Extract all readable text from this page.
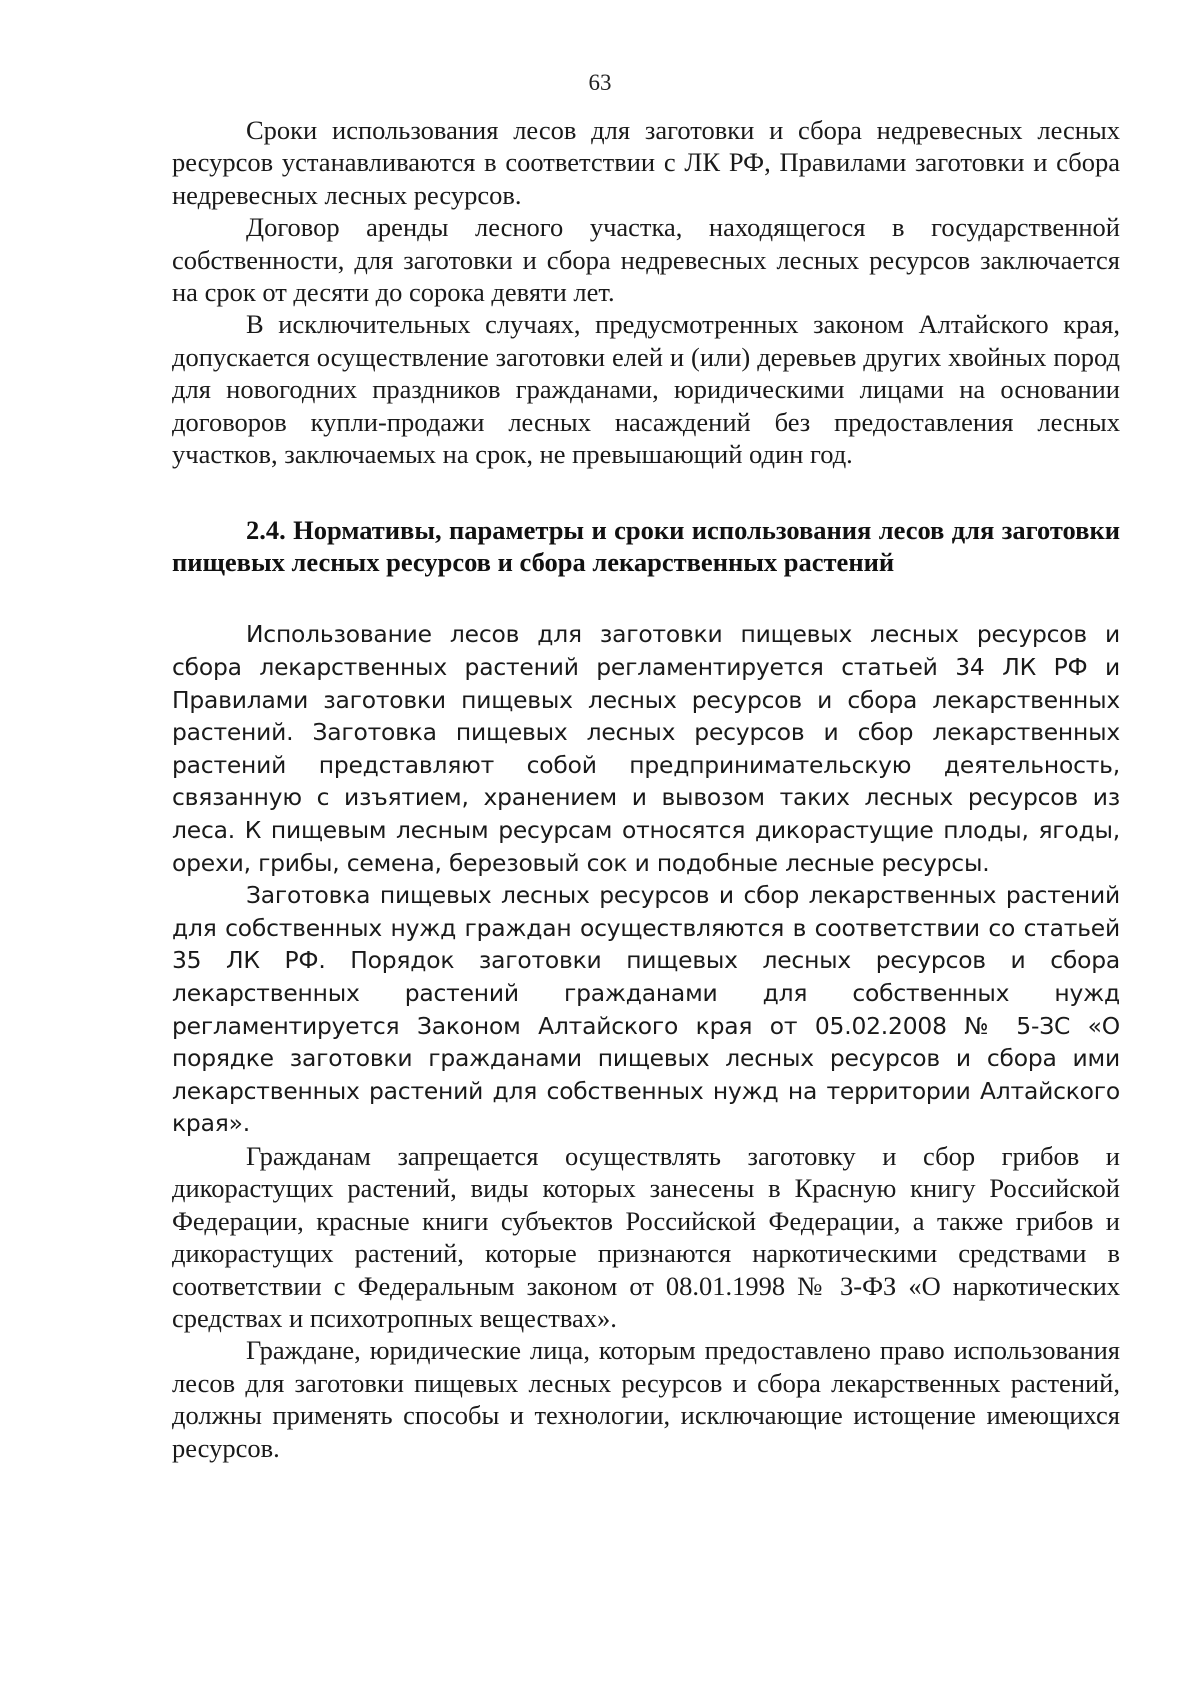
63

Сроки использования лесов для заготовки и сбора недревесных лесных ресурсов устанавливаются в соответствии с ЛК РФ, Правилами заготовки и сбора недревесных лесных ресурсов.

Договор аренды лесного участка, находящегося в государственной собственности, для заготовки и сбора недревесных лесных ресурсов заключается на срок от десяти до сорока девяти лет.

В исключительных случаях, предусмотренных законом Алтайского края, допускается осуществление заготовки елей и (или) деревьев других хвойных пород для новогодних праздников гражданами, юридическими лицами на основании договоров купли-продажи лесных насаждений без предоставления лесных участков, заключаемых на срок, не превышающий один год.

2.4. Нормативы, параметры и сроки использования лесов для заготовки пищевых лесных ресурсов и сбора лекарственных растений

Использование лесов для заготовки пищевых лесных ресурсов и сбора лекарственных растений регламентируется статьей 34 ЛК РФ и Правилами заготовки пищевых лесных ресурсов и сбора лекарственных растений. Заготовка пищевых лесных ресурсов и сбор лекарственных растений представляют собой предпринимательскую деятельность, связанную с изъятием, хранением и вывозом таких лесных ресурсов из леса. К пищевым лесным ресурсам относятся дикорастущие плоды, ягоды, орехи, грибы, семена, березовый сок и подобные лесные ресурсы.

Заготовка пищевых лесных ресурсов и сбор лекарственных растений для собственных нужд граждан осуществляются в соответствии со статьей 35 ЛК РФ. Порядок заготовки пищевых лесных ресурсов и сбора лекарственных растений гражданами для собственных нужд регламентируется Законом Алтайского края от 05.02.2008 № 5-ЗС «О порядке заготовки гражданами пищевых лесных ресурсов и сбора ими лекарственных растений для собственных нужд на территории Алтайского края».

Гражданам запрещается осуществлять заготовку и сбор грибов и дикорастущих растений, виды которых занесены в Красную книгу Российской Федерации, красные книги субъектов Российской Федерации, а также грибов и дикорастущих растений, которые признаются наркотическими средствами в соответствии с Федеральным законом от 08.01.1998 № 3-ФЗ «О наркотических средствах и психотропных веществах».

Граждане, юридические лица, которым предоставлено право использования лесов для заготовки пищевых лесных ресурсов и сбора лекарственных растений, должны применять способы и технологии, исключающие истощение имеющихся ресурсов.
